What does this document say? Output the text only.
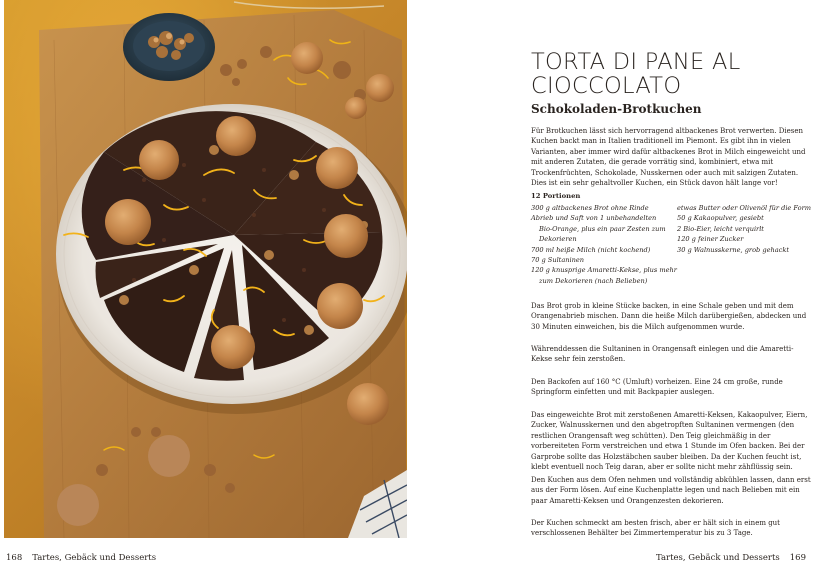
TORTA DI PANE AL
CIOCCOLATO
Schokoladen-Brotkuchen
Für Brotkuchen lässt sich hervorragend altbackenes Brot verwerten. Diesen Kuchen backt man in Italien traditionell im Piemont. Es gibt ihn in vielen Varianten, aber immer wird dafür altbackenes Brot in Milch eingeweicht und mit anderen Zutaten, die gerade vorrätig sind, kombiniert, etwa mit Trockenfrüchten, Schokolade, Nusskernen oder auch mit salzigen Zutaten. Dies ist ein sehr gehaltvoller Kuchen, ein Stück davon hält lange vor!
12 Portionen
300 g altbackenes Brot ohne Rinde
Abrieb und Saft von 1 unbehandelten
Bio-Orange, plus ein paar Zesten zum
Dekorieren
700 ml heiße Milch (nicht kochend)
70 g Sultaninen
120 g knusprige Amaretti-Kekse, plus mehr
zum Dekorieren (nach Belieben)
etwas Butter oder Olivenöl für die Form
50 g Kakaopulver, gesiebt
2 Bio-Eier, leicht verquirlt
120 g feiner Zucker
30 g Walnusskerne, grob gehackt
Das Brot grob in kleine Stücke backen, in eine Schale geben und mit dem Orangenabrieb mischen. Dann die heiße Milch darübergießen, abdecken und 30 Minuten einweichen, bis die Milch aufgenommen wurde.
Währenddessen die Sultaninen in Orangensaft einlegen und die Amaretti-Kekse sehr fein zerstoßen.
Den Backofen auf 160 °C (Umluft) vorheizen. Eine 24 cm große, runde Springform einfetten und mit Backpapier auslegen.
Das eingeweichte Brot mit zerstoßenen Amaretti-Keksen, Kakaopulver, Eiern, Zucker, Walnusskernen und den abgetropften Sultaninen vermengen (den restlichen Orangensaft weg schütten). Den Teig gleichmäßig in der vorbereiteten Form verstreichen und etwa 1 Stunde im Ofen backen. Bei der Garprobe sollte das Holzstäbchen sauber bleiben. Da der Kuchen feucht ist, klebt eventuell noch Teig daran, aber er sollte nicht mehr zähflüssig sein.
Den Kuchen aus dem Ofen nehmen und vollständig abkühlen lassen, dann erst aus der Form lösen. Auf eine Kuchenplatte legen und nach Belieben mit ein paar Amaretti-Keksen und Orangenzesten dekorieren.
Der Kuchen schmeckt am besten frisch, aber er hält sich in einem gut verschlossenen Behälter bei Zimmertemperatur bis zu 3 Tage.
168 Tartes, Gebäck und Desserts	Tartes, Gebäck und Desserts 169
